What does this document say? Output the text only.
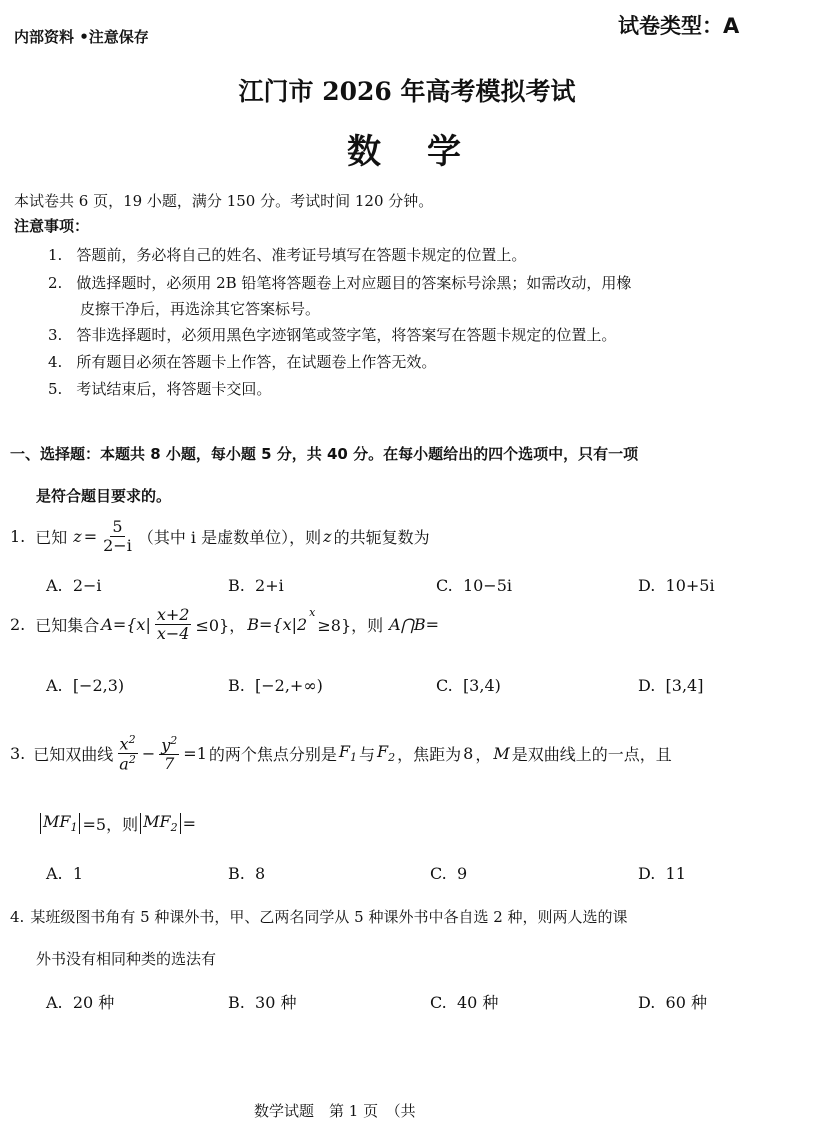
内部资料 •注意保存	试卷类型：A
江门市 2026 年高考模拟考试
数　学
本试卷共 6 页，19 小题，满分 150 分。考试时间 120 分钟。
注意事项：
1. 答题前，务必将自己的姓名、准考证号填写在答题卡规定的位置上。
2. 做选择题时，必须用 2B 铅笔将答题卷上对应题目的答案标号涂黑；如需改动，用橡
皮擦干净后，再选涂其它答案标号。
3. 答非选择题时，必须用黑色字迹钢笔或签字笔，将答案写在答题卡规定的位置上。
4. 所有题目必须在答题卡上作答，在试题卷上作答无效。
5. 考试结束后，将答题卡交回。
一、选择题：本题共 8 小题，每小题 5 分，共 40 分。在每小题给出的四个选项中，只有一项
是符合题目要求的。
1. 已知 $z = \frac{5}{2-i}$ （其中 i 是虚数单位），则 z 的共轭复数为
A. 2−i	B. 2+i	C. 10−5i	D. 10+5i
2. 已知集合 $A=\{x| \frac{x+2}{x-4} \le 0\}$， B={x|2
$^x$
≥8}，则 A⋂B=
A. [−2,3)	B. [−2,+∞)	C. [3,4)	D. [3,4]
3. 已知双曲线 $\frac{x^2}{a^2} - \frac{y^2}{7} =1$ 的两个焦点分别是 $F_1$ 与 $F_2$ ，焦距为 8 ， M 是双曲线上的一点，且
$MF_1 =5$，则 $MF_2$ =
A. 1	B. 8	C. 9	D. 11
4. 某班级图书角有 5 种课外书，甲、乙两名同学从 5 种课外书中各自选 2 种，则两人选的课
外书没有相同种类的选法有
A. 20 种	B. 30 种	C. 40 种	D. 60 种
数学试题　第 1 页　（共
